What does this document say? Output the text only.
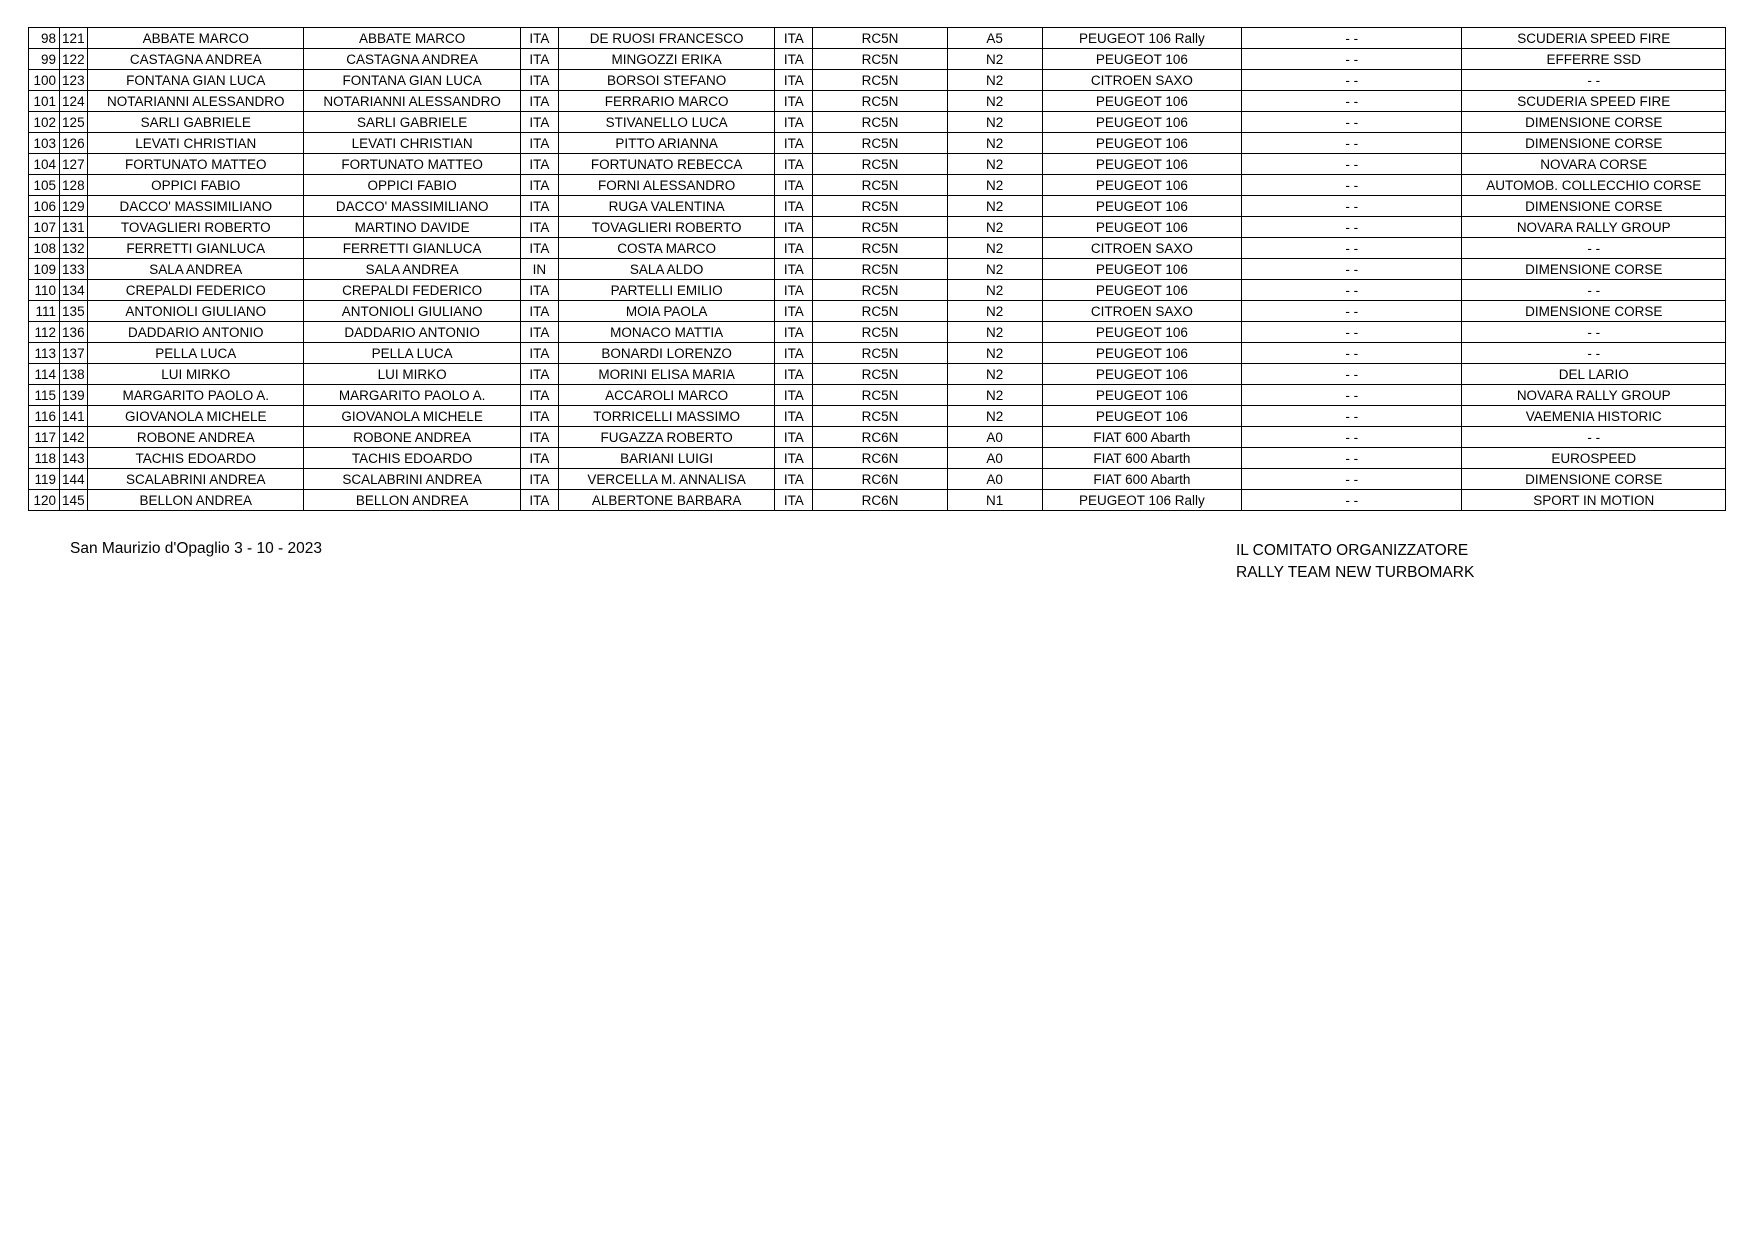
98	121	ABBATE MARCO	ABBATE MARCO	ITA	DE RUOSI FRANCESCO	ITA	RC5N	A5	PEUGEOT 106 Rally	- -	SCUDERIA SPEED FIRE
99	122	CASTAGNA ANDREA	CASTAGNA ANDREA	ITA	MINGOZZI ERIKA	ITA	RC5N	N2	PEUGEOT 106	- -	EFFERRE SSD
100	123	FONTANA GIAN LUCA	FONTANA GIAN LUCA	ITA	BORSOI STEFANO	ITA	RC5N	N2	CITROEN SAXO	- -	- -
101	124	NOTARIANNI ALESSANDRO	NOTARIANNI ALESSANDRO	ITA	FERRARIO MARCO	ITA	RC5N	N2	PEUGEOT 106	- -	SCUDERIA SPEED FIRE
102	125	SARLI GABRIELE	SARLI GABRIELE	ITA	STIVANELLO LUCA	ITA	RC5N	N2	PEUGEOT 106	- -	DIMENSIONE CORSE
103	126	LEVATI CHRISTIAN	LEVATI CHRISTIAN	ITA	PITTO ARIANNA	ITA	RC5N	N2	PEUGEOT 106	- -	DIMENSIONE CORSE
104	127	FORTUNATO MATTEO	FORTUNATO MATTEO	ITA	FORTUNATO REBECCA	ITA	RC5N	N2	PEUGEOT 106	- -	NOVARA CORSE
105	128	OPPICI FABIO	OPPICI FABIO	ITA	FORNI ALESSANDRO	ITA	RC5N	N2	PEUGEOT 106	- -	AUTOMOB. COLLECCHIO CORSE
106	129	DACCO' MASSIMILIANO	DACCO' MASSIMILIANO	ITA	RUGA VALENTINA	ITA	RC5N	N2	PEUGEOT 106	- -	DIMENSIONE CORSE
107	131	TOVAGLIERI ROBERTO	MARTINO DAVIDE	ITA	TOVAGLIERI ROBERTO	ITA	RC5N	N2	PEUGEOT 106	- -	NOVARA RALLY GROUP
108	132	FERRETTI GIANLUCA	FERRETTI GIANLUCA	ITA	COSTA MARCO	ITA	RC5N	N2	CITROEN SAXO	- -	- -
109	133	SALA ANDREA	SALA ANDREA	IN	SALA ALDO	ITA	RC5N	N2	PEUGEOT 106	- -	DIMENSIONE CORSE
110	134	CREPALDI FEDERICO	CREPALDI FEDERICO	ITA	PARTELLI EMILIO	ITA	RC5N	N2	PEUGEOT 106	- -	- -
111	135	ANTONIOLI GIULIANO	ANTONIOLI GIULIANO	ITA	MOIA PAOLA	ITA	RC5N	N2	CITROEN SAXO	- -	DIMENSIONE CORSE
112	136	DADDARIO ANTONIO	DADDARIO ANTONIO	ITA	MONACO MATTIA	ITA	RC5N	N2	PEUGEOT 106	- -	- -
113	137	PELLA LUCA	PELLA LUCA	ITA	BONARDI LORENZO	ITA	RC5N	N2	PEUGEOT 106	- -	- -
114	138	LUI MIRKO	LUI MIRKO	ITA	MORINI ELISA MARIA	ITA	RC5N	N2	PEUGEOT 106	- -	DEL LARIO
115	139	MARGARITO PAOLO A.	MARGARITO PAOLO A.	ITA	ACCAROLI MARCO	ITA	RC5N	N2	PEUGEOT 106	- -	NOVARA RALLY GROUP
116	141	GIOVANOLA MICHELE	GIOVANOLA MICHELE	ITA	TORRICELLI MASSIMO	ITA	RC5N	N2	PEUGEOT 106	- -	VAEMENIA HISTORIC
117	142	ROBONE ANDREA	ROBONE ANDREA	ITA	FUGAZZA ROBERTO	ITA	RC6N	A0	FIAT 600 Abarth	- -	- -
118	143	TACHIS EDOARDO	TACHIS EDOARDO	ITA	BARIANI LUIGI	ITA	RC6N	A0	FIAT 600 Abarth	- -	EUROSPEED
119	144	SCALABRINI ANDREA	SCALABRINI ANDREA	ITA	VERCELLA M. ANNALISA	ITA	RC6N	A0	FIAT 600 Abarth	- -	DIMENSIONE CORSE
120	145	BELLON ANDREA	BELLON ANDREA	ITA	ALBERTONE BARBARA	ITA	RC6N	N1	PEUGEOT 106 Rally	- -	SPORT IN MOTION
San Maurizio d'Opaglio 3 - 10 - 2023	IL COMITATO ORGANIZZATORE
RALLY TEAM NEW TURBOMARK
